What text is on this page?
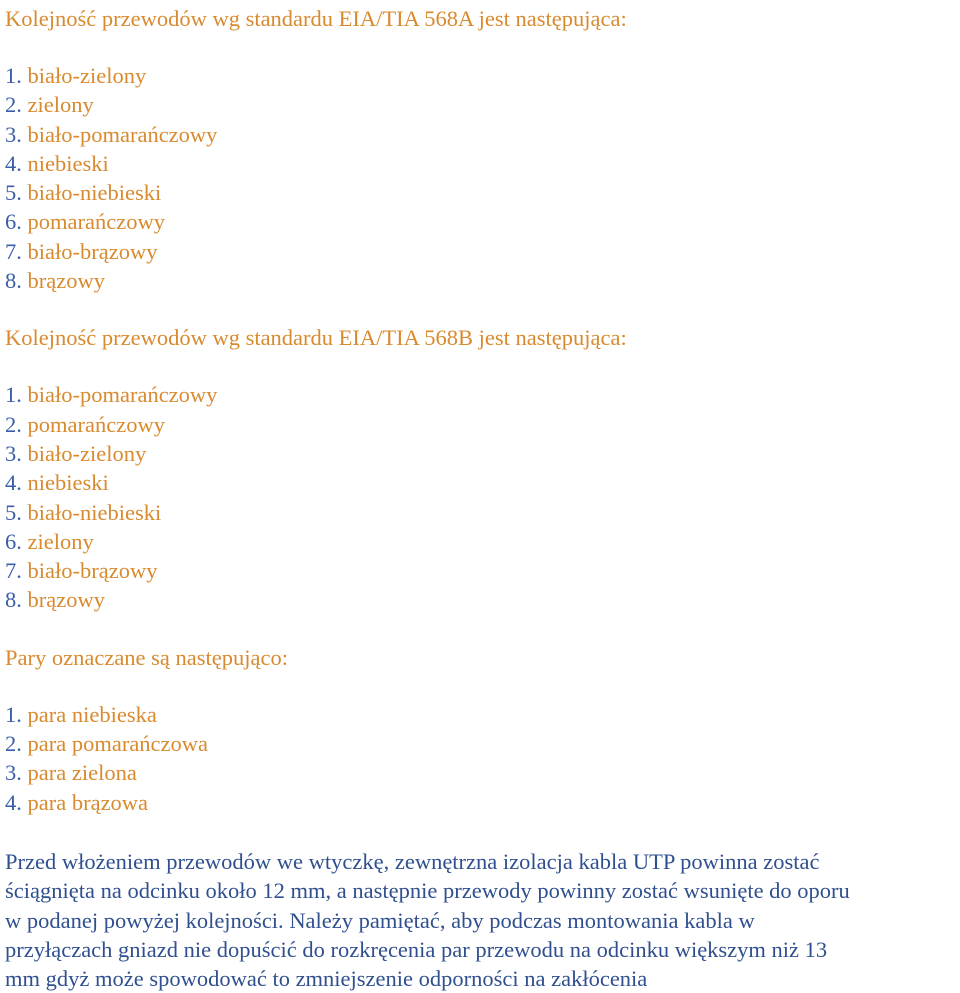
Kolejność przewodów wg standardu EIA/TIA 568A jest następująca:

1. biało-zielony
2. zielony
3. biało-pomarańczowy
4. niebieski
5. biało-niebieski
6. pomarańczowy
7. biało-brązowy
8. brązowy

Kolejność przewodów wg standardu EIA/TIA 568B jest następująca:

1. biało-pomarańczowy
2. pomarańczowy
3. biało-zielony
4. niebieski
5. biało-niebieski
6. zielony
7. biało-brązowy
8. brązowy

Pary oznaczane są następująco:

1. para niebieska
2. para pomarańczowa
3. para zielona
4. para brązowa

Przed włożeniem przewodów we wtyczkę, zewnętrzna izolacja kabla UTP powinna zostać

ściągnięta na odcinku około 12 mm, a następnie przewody powinny zostać wsunięte do oporu

w podanej powyżej kolejności. Należy pamiętać, aby podczas montowania kabla w

przyłączach gniazd nie dopuścić do rozkręcenia par przewodu na odcinku większym niż 13

mm gdyż może spowodować to zmniejszenie odporności na zakłócenia
